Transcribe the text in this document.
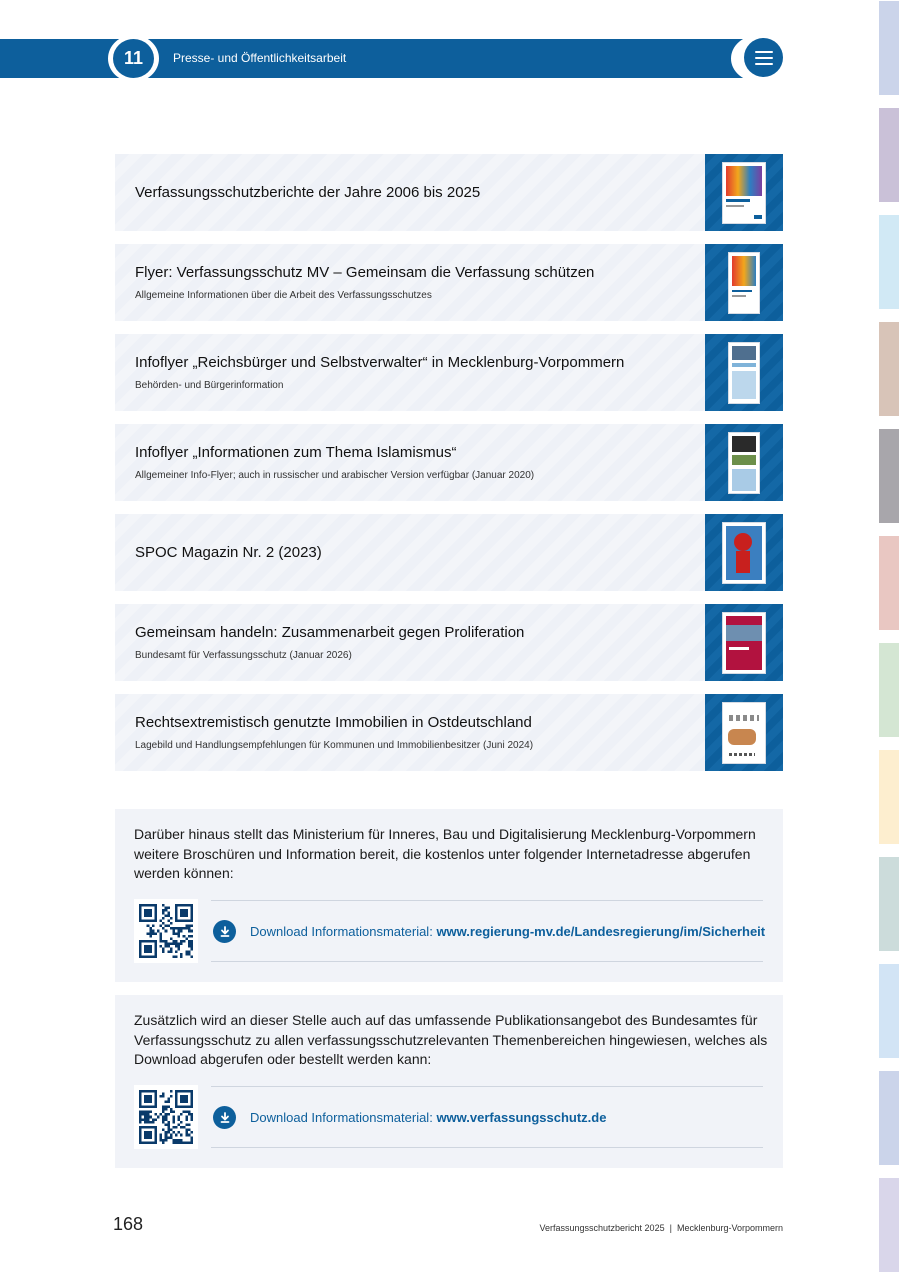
11	Presse- und Öffentlichkeitsarbeit
Verfassungsschutzberichte der Jahre 2006 bis 2025
Flyer: Verfassungsschutz MV – Gemeinsam die Verfassung schützen
Allgemeine Informationen über die Arbeit des Verfassungsschutzes
Infoflyer „Reichsbürger und Selbstverwalter“ in Mecklenburg-Vorpommern
Behörden- und Bürgerinformation
Infoflyer „Informationen zum Thema Islamismus“
Allgemeiner Info-Flyer; auch in russischer und arabischer Version verfügbar (Januar 2020)
SPOC Magazin Nr. 2 (2023)
Gemeinsam handeln: Zusammenarbeit gegen Proliferation
Bundesamt für Verfassungsschutz (Januar 2026)
Rechtsextremistisch genutzte Immobilien in Ostdeutschland
Lagebild und Handlungsempfehlungen für Kommunen und Immobilienbesitzer (Juni 2024)
Darüber hinaus stellt das Ministerium für Inneres, Bau und Digitalisierung Mecklenburg-Vorpommern weitere Broschüren und Information bereit, die kostenlos unter folgender Internetadresse abgerufen werden können:
Download Informationsmaterial: www.regierung-mv.de/Landesregierung/im/Sicherheit
Zusätzlich wird an dieser Stelle auch auf das umfassende Publikationsangebot des Bundesamtes für Verfassungsschutz zu allen verfassungsschutzrelevanten Themenbereichen hingewiesen, welches als Download abgerufen oder bestellt werden kann:
Download Informationsmaterial: www.verfassungsschutz.de
168	Verfassungsschutzbericht 2025  |  Mecklenburg-Vorpommern
